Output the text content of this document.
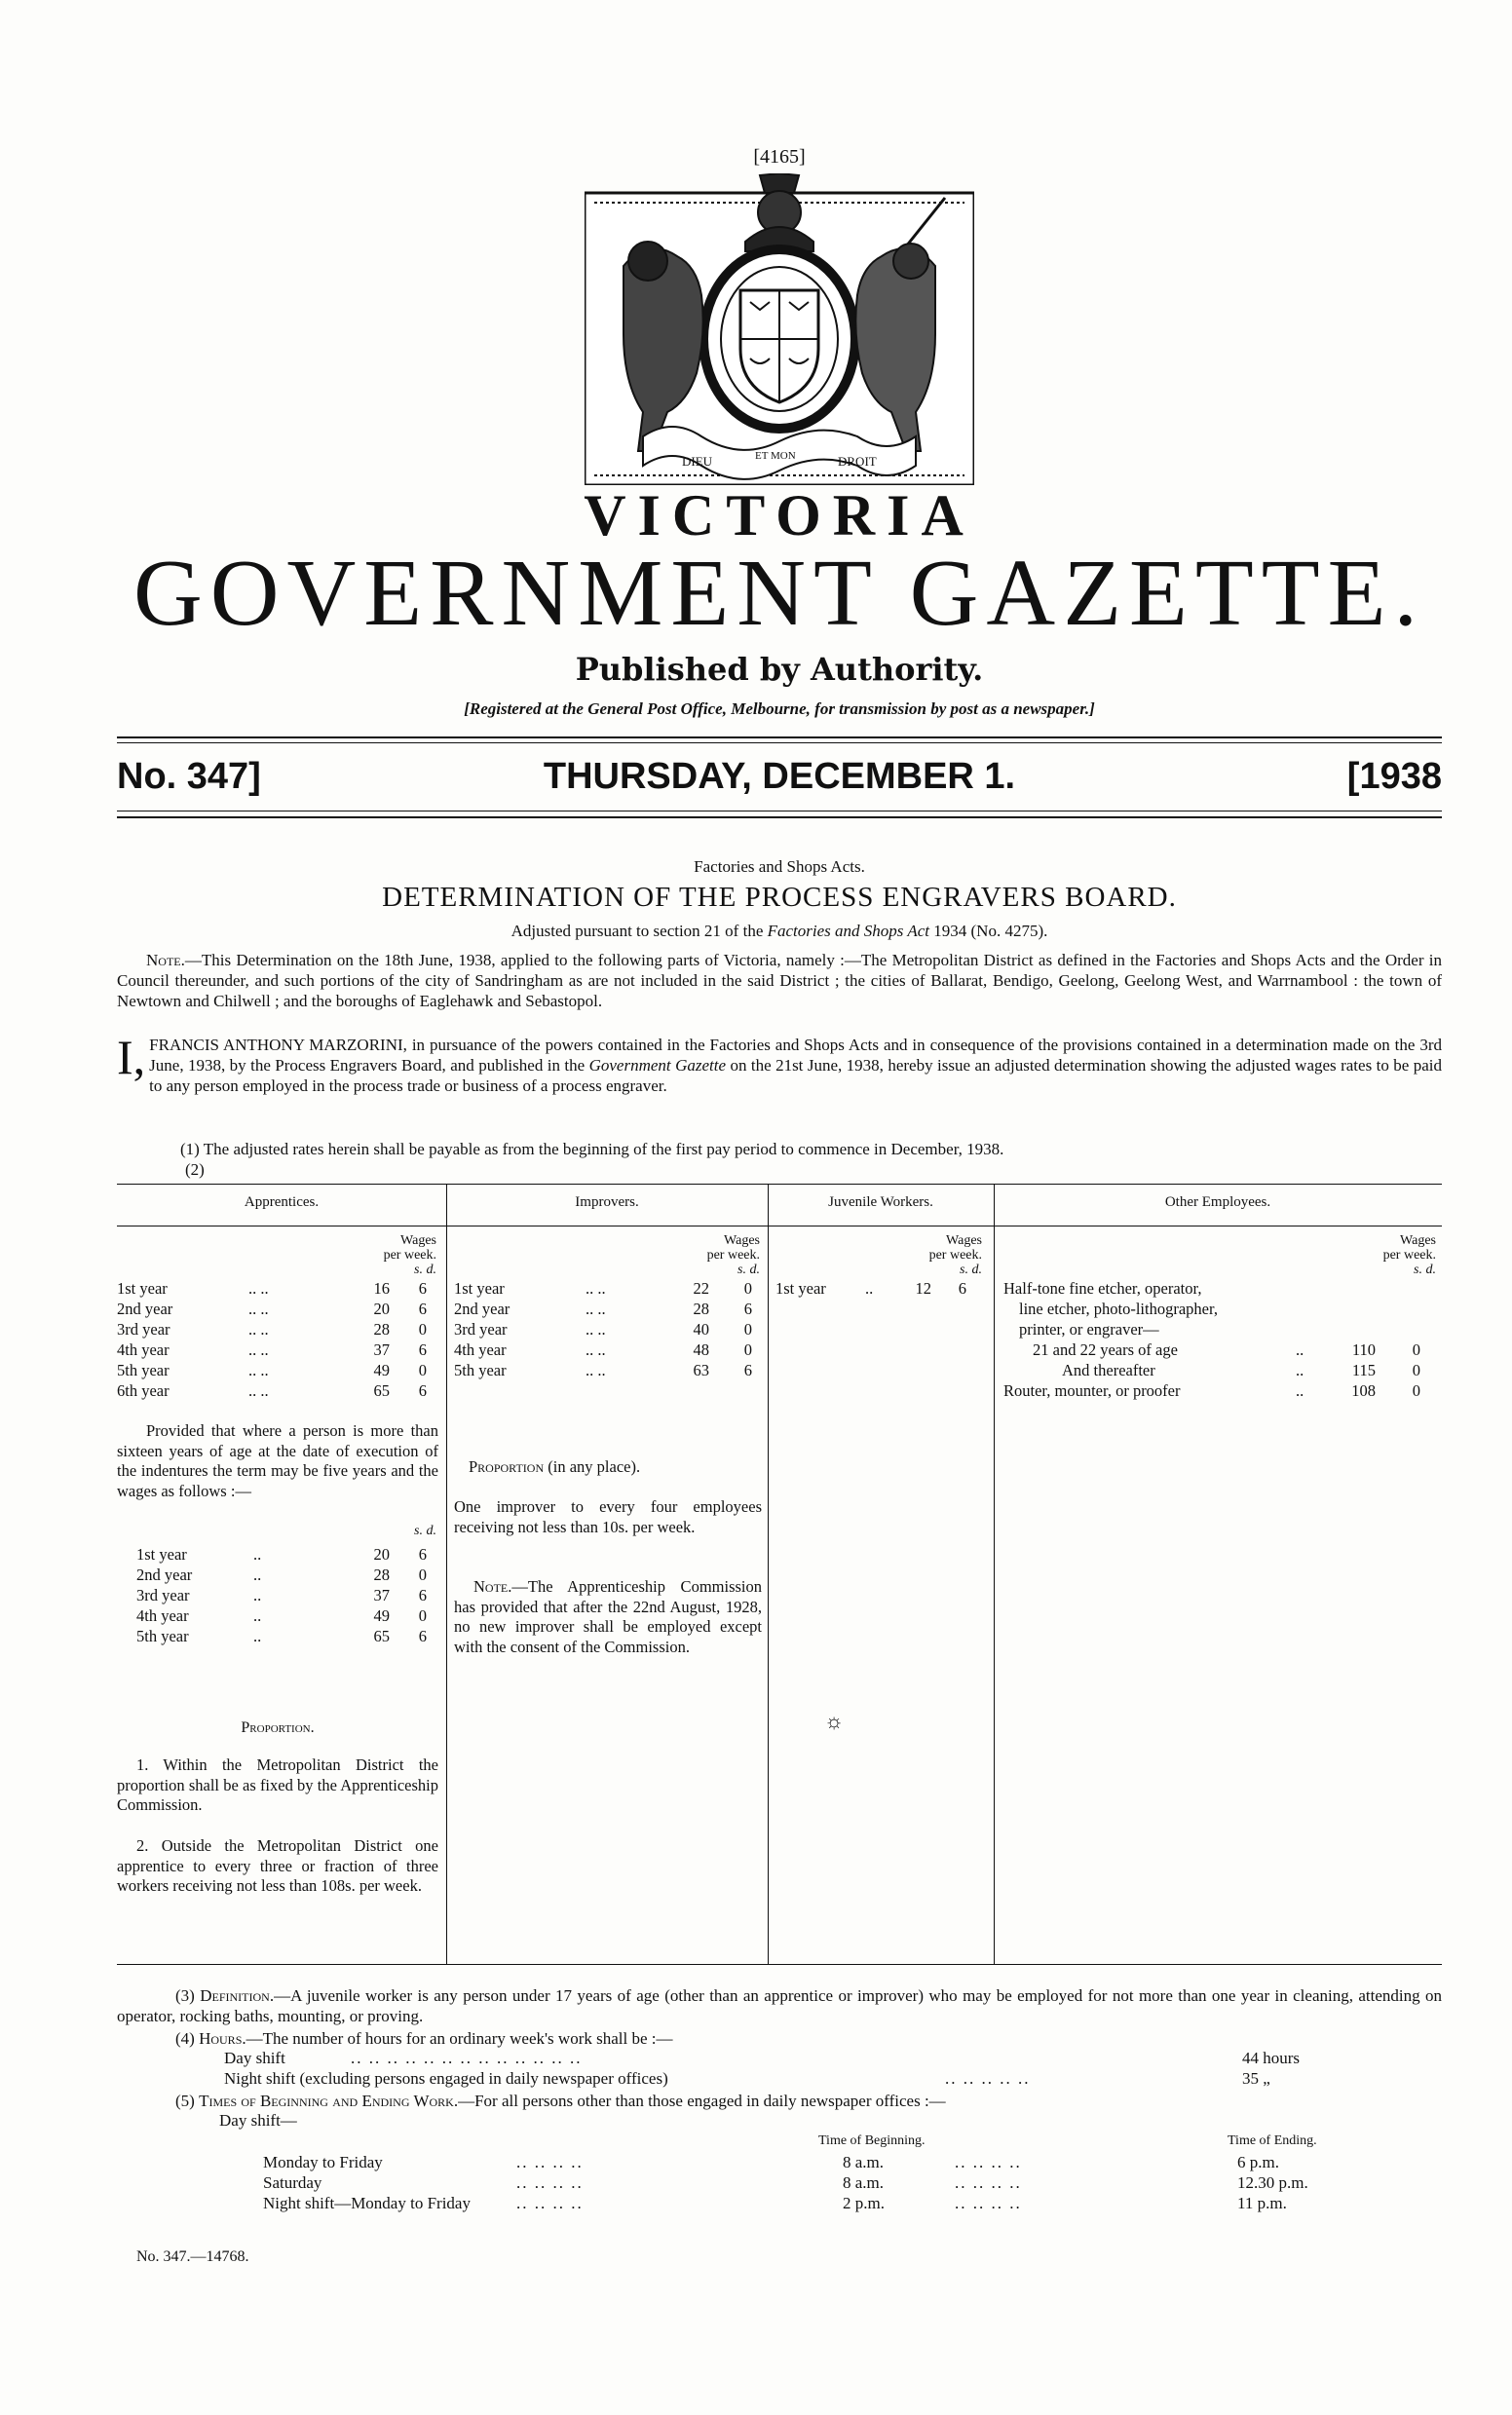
[4165]
DIEU	ET MON	DROIT
VICTORIA
GOVERNMENT GAZETTE.
Published by Authority.
[Registered at the General Post Office, Melbourne, for transmission by post as a newspaper.]
No. 347]	THURSDAY, DECEMBER 1.	[1938
Factories and Shops Acts.
DETERMINATION OF THE PROCESS ENGRAVERS BOARD.
Adjusted pursuant to section 21 of the Factories and Shops Act 1934 (No. 4275).
Note.—This Determination on the 18th June, 1938, applied to the following parts of Victoria, namely :—The Metropolitan District as defined in the Factories and Shops Acts and the Order in Council thereunder, and such portions of the city of Sandringham as are not included in the said District ; the cities of Ballarat, Bendigo, Geelong, Geelong West, and Warrnambool : the town of Newtown and Chilwell ; and the boroughs of Eaglehawk and Sebastopol.
I, FRANCIS ANTHONY MARZORINI, in pursuance of the powers contained in the Factories and Shops Acts and in consequence of the provisions contained in a determination made on the 3rd June, 1938, by the Process Engravers Board, and published in the Government Gazette on the 21st June, 1938, hereby issue an adjusted determination showing the adjusted wages rates to be paid to any person employed in the process trade or business of a process engraver.
(1) The adjusted rates herein shall be payable as from the beginning of the first pay period to commence in December, 1938.
(2)
Apprentices.	Improvers.	Juvenile Workers.	Other Employees.
Wages
per week.
s. d.
1st year	.. ..	16	6
2nd year	.. ..	20	6
3rd year	.. ..	28	0
4th year	.. ..	37	6
5th year	.. ..	49	0
6th year	.. ..	65	6
Provided that where a person is more than sixteen years of age at the date of execution of the indentures the term may be five years and the wages as follows :—
s. d.
1st year	..	20	6
2nd year	..	28	0
3rd year	..	37	6
4th year	..	49	0
5th year	..	65	6
Proportion.
1. Within the Metropolitan District the proportion shall be as fixed by the Apprenticeship Commission.
2. Outside the Metropolitan District one apprentice to every three or fraction of three workers receiving not less than 108s. per week.
Wages
per week.
s. d.
1st year	.. ..	22	0
2nd year	.. ..	28	6
3rd year	.. ..	40	0
4th year	.. ..	48	0
5th year	.. ..	63	6
Proportion (in any place).
One improver to every four employees receiving not less than 10s. per week.
Note.—The Apprenticeship Commission has provided that after the 22nd August, 1928, no new improver shall be employed except with the consent of the Commission.
Wages
per week.
s. d.
1st year ..	12	6
☼
Wages
per week.
s. d.
Half-tone fine etcher, operator,
line etcher, photo-lithographer,
printer, or engraver—
21 and 22 years of age	..	110	0
And thereafter	..	115	0
Router, mounter, or proofer	..	108	0
(3) Definition.—A juvenile worker is any person under 17 years of age (other than an apprentice or improver) who may be employed for not more than one year in cleaning, attending on operator, rocking baths, mounting, or proving.
(4) Hours.—The number of hours for an ordinary week's work shall be :—
Day shift	.. .. .. .. .. .. .. .. .. .. .. .. ..	44 hours
Night shift (excluding persons engaged in daily newspaper offices)	.. .. .. .. ..	35 „
(5) Times of Beginning and Ending Work.—For all persons other than those engaged in daily newspaper offices :—
Day shift—
Time of Beginning.	Time of Ending.
Monday to Friday	.. .. .. ..	8 a.m.	.. .. .. ..	6 p.m.
Saturday	.. .. .. ..	8 a.m.	.. .. .. ..	12.30 p.m.
Night shift—Monday to Friday	.. .. .. ..	2 p.m.	.. .. .. ..	11 p.m.
No. 347.—14768.
